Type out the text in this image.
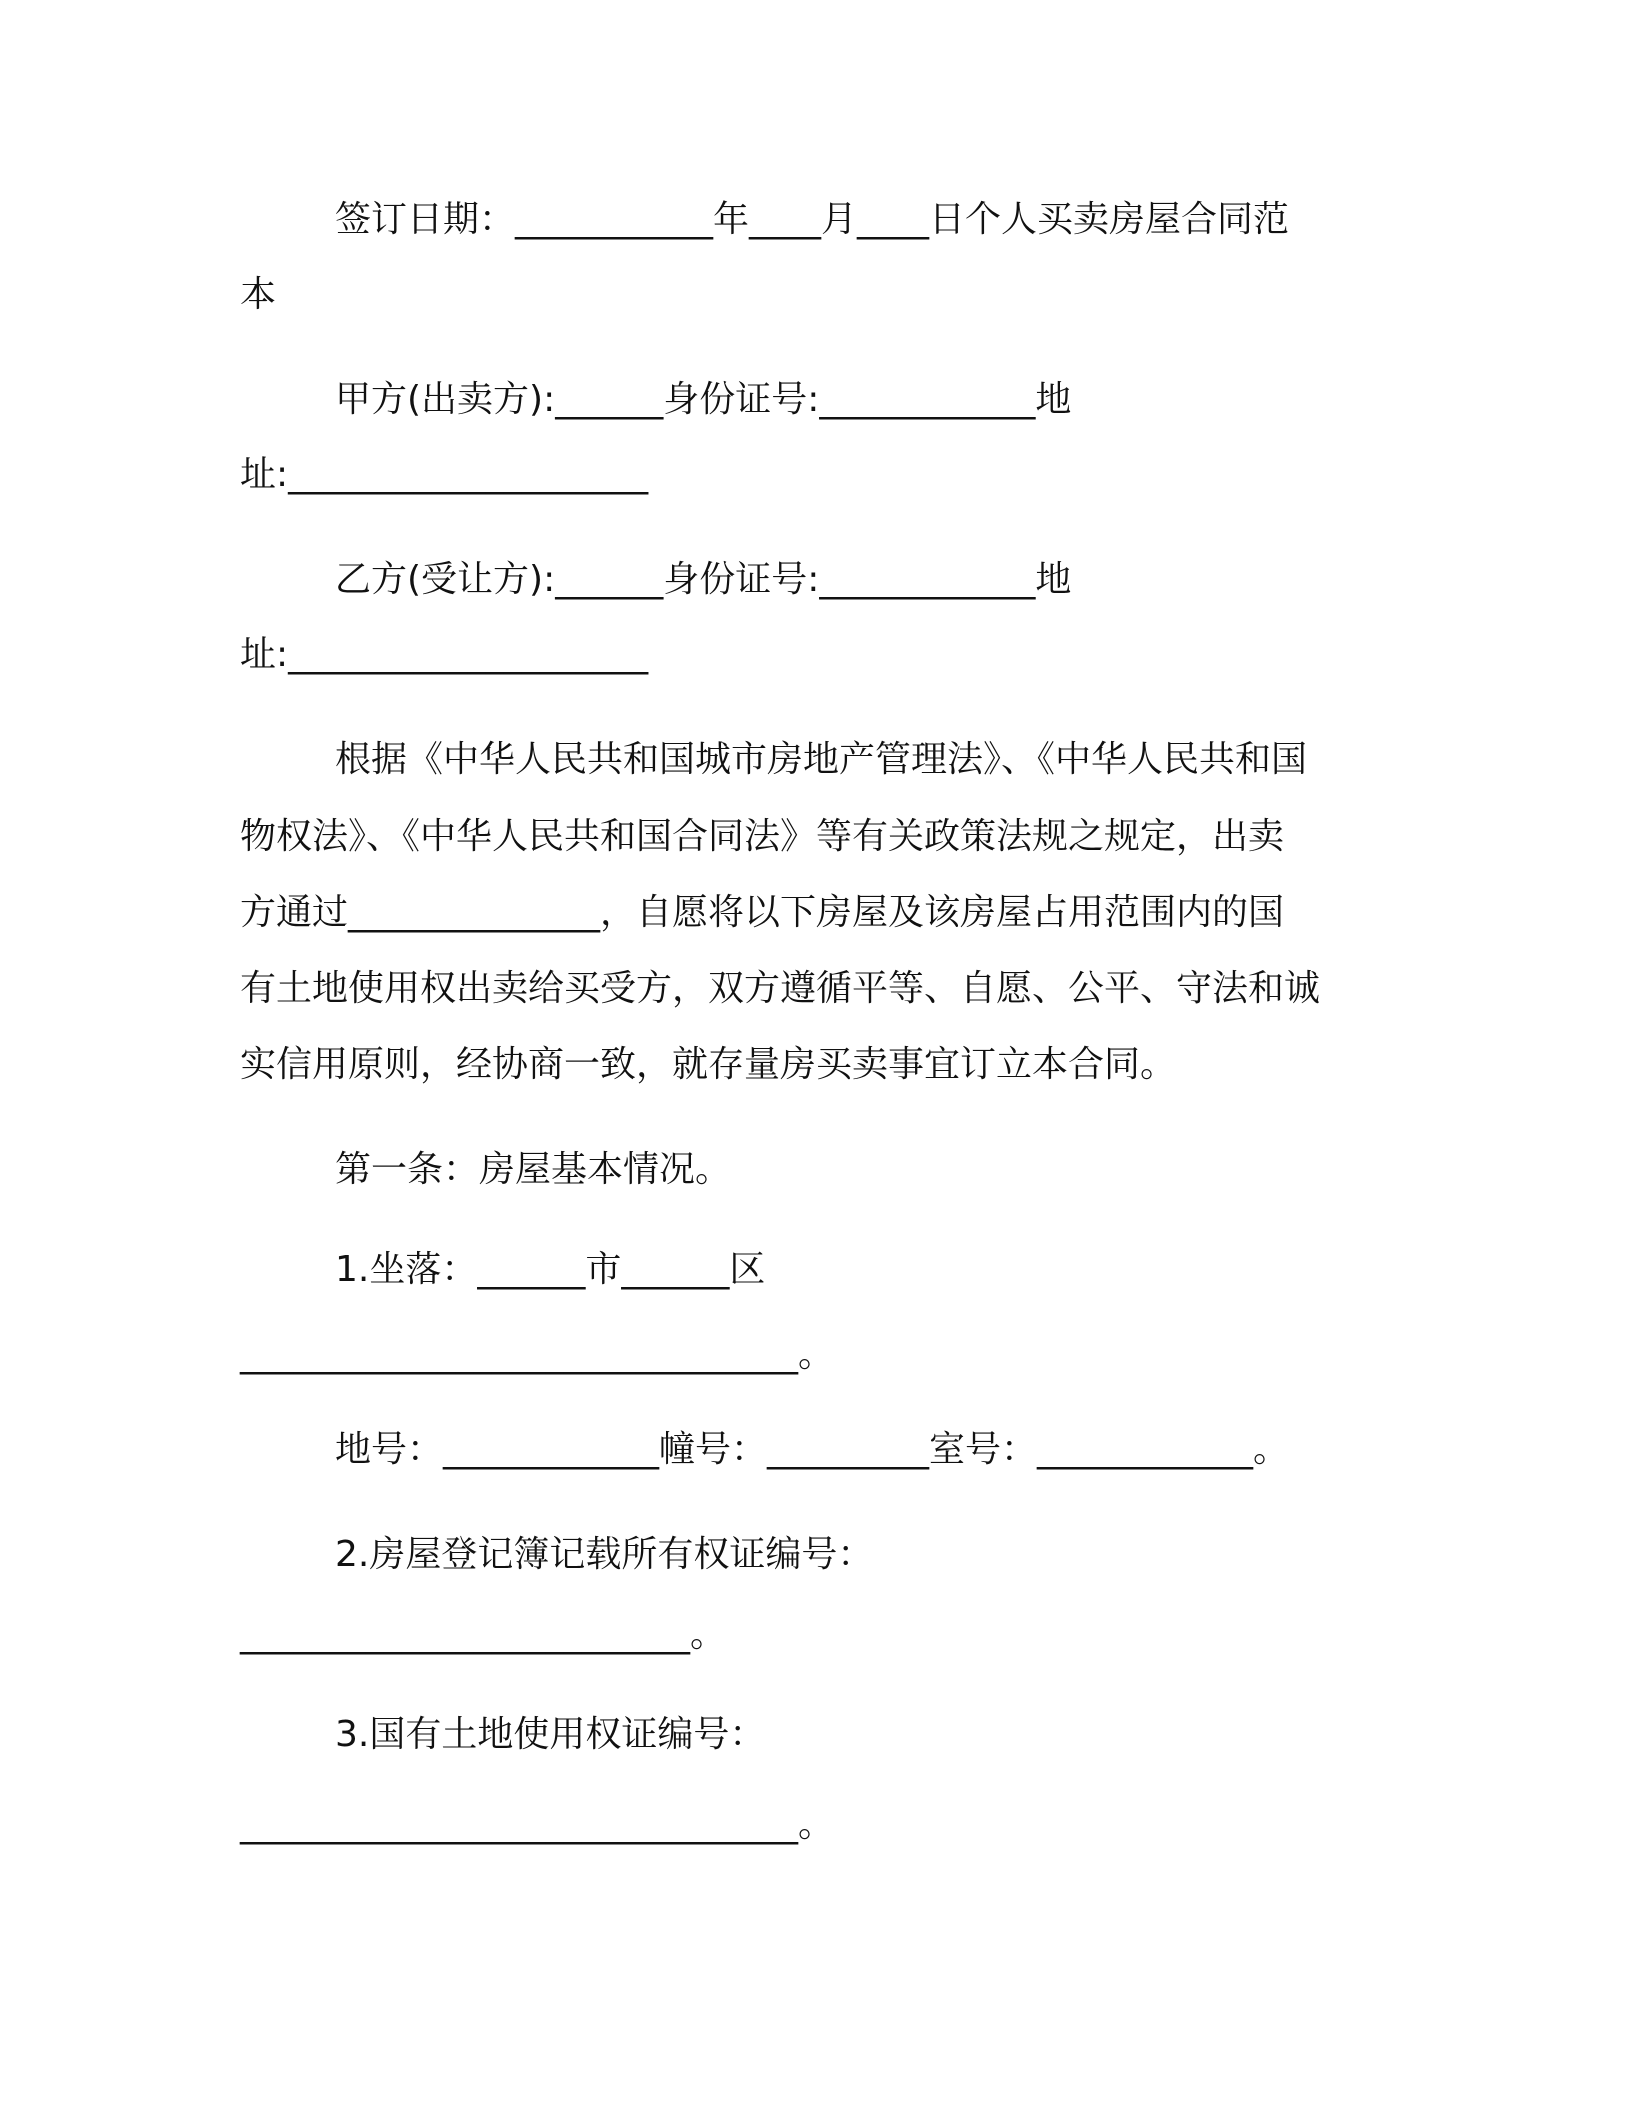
签订日期：___________年____月____日个人买卖房屋合同范
本
甲方(出卖方):______身份证号:____________地
址:____________________
乙方(受让方):______身份证号:____________地
址:____________________
根据《中华人民共和国城市房地产管理法》、《中华人民共和国
物权法》、《中华人民共和国合同法》等有关政策法规之规定，出卖
方通过______________，自愿将以下房屋及该房屋占用范围内的国
有土地使用权出卖给买受方，双方遵循平等、自愿、公平、守法和诚
实信用原则，经协商一致，就存量房买卖事宜订立本合同。
第一条：房屋基本情况。
1.坐落：______市______区
_______________________________。
地号：____________幢号：_________室号：____________。
2.房屋登记簿记载所有权证编号：
_________________________。
3.国有土地使用权证编号：
_______________________________。
